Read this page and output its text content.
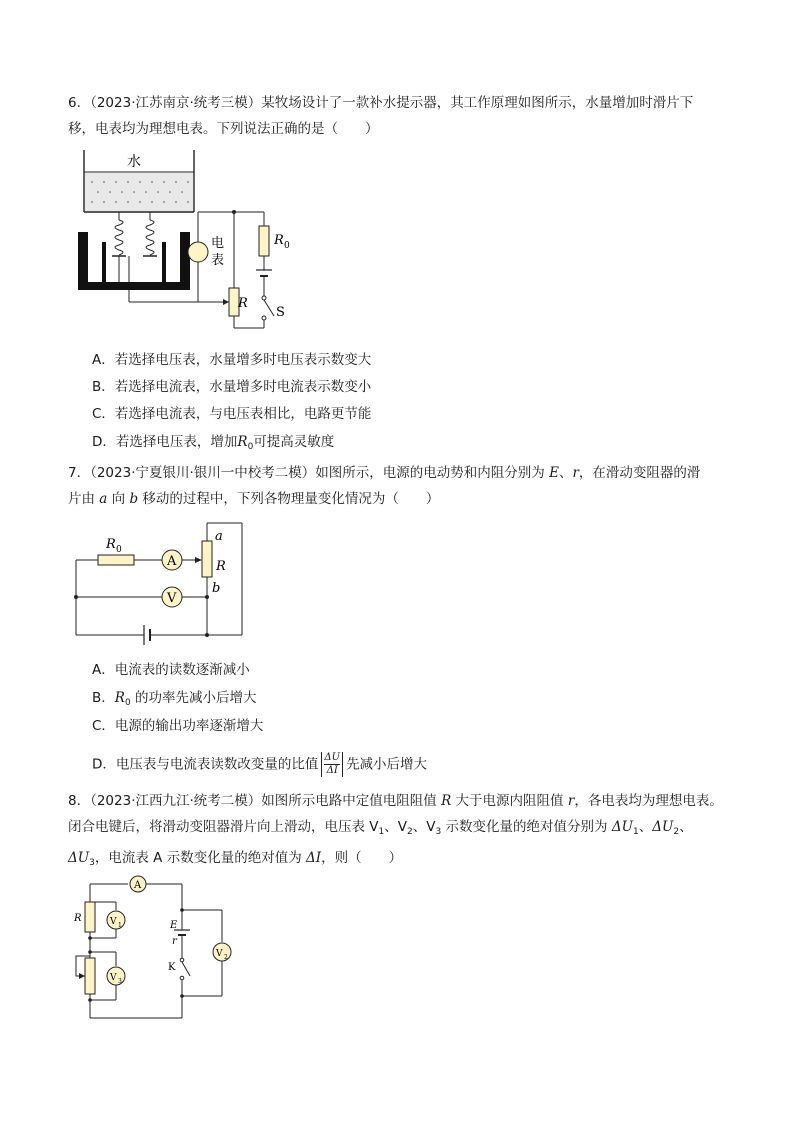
6．（2023·江苏南京·统考三模）某牧场设计了一款补水提示器，其工作原理如图所示，水量增加时滑片下
移，电表均为理想电表。下列说法正确的是（　　）
水
电
表
R 0
S
R
A．若选择电压表，水量增多时电压表示数变大
B．若选择电流表，水量增多时电流表示数变小
C．若选择电流表，与电压表相比，电路更节能
D．若选择电压表，增加$R_0$可提高灵敏度
7．（2023·宁夏银川·银川一中校考二模）如图所示，电源的电动势和内阻分别为 E、r，在滑动变阻器的滑
片由 a 向 b 移动的过程中，下列各物理量变化情况为（　　）
R 0
A	R
a
b
V
A．电流表的读数逐渐减小
B．$R_0$ 的功率先减小后增大
C．电源的输出功率逐渐增大
D．电压表与电流表读数改变量的比值 $\frac{\Delta U}{\Delta I}$ 先减小后增大
8．（2023·江西九江·统考二模）如图所示电路中定值电阻阻值 R 大于电源内阻阻值 r，各电表均为理想电表。
闭合电键后，将滑动变阻器滑片向上滑动，电压表 $V_1$、$V_2$、$V_3$ 示数变化量的绝对值分别为 $\Delta U_1$、$\Delta U_2$、
$\Delta U_3$，电流表 A 示数变化量的绝对值为 ΔI，则（　　）
A
R	V 1
V 3
E
r
V 2
K
